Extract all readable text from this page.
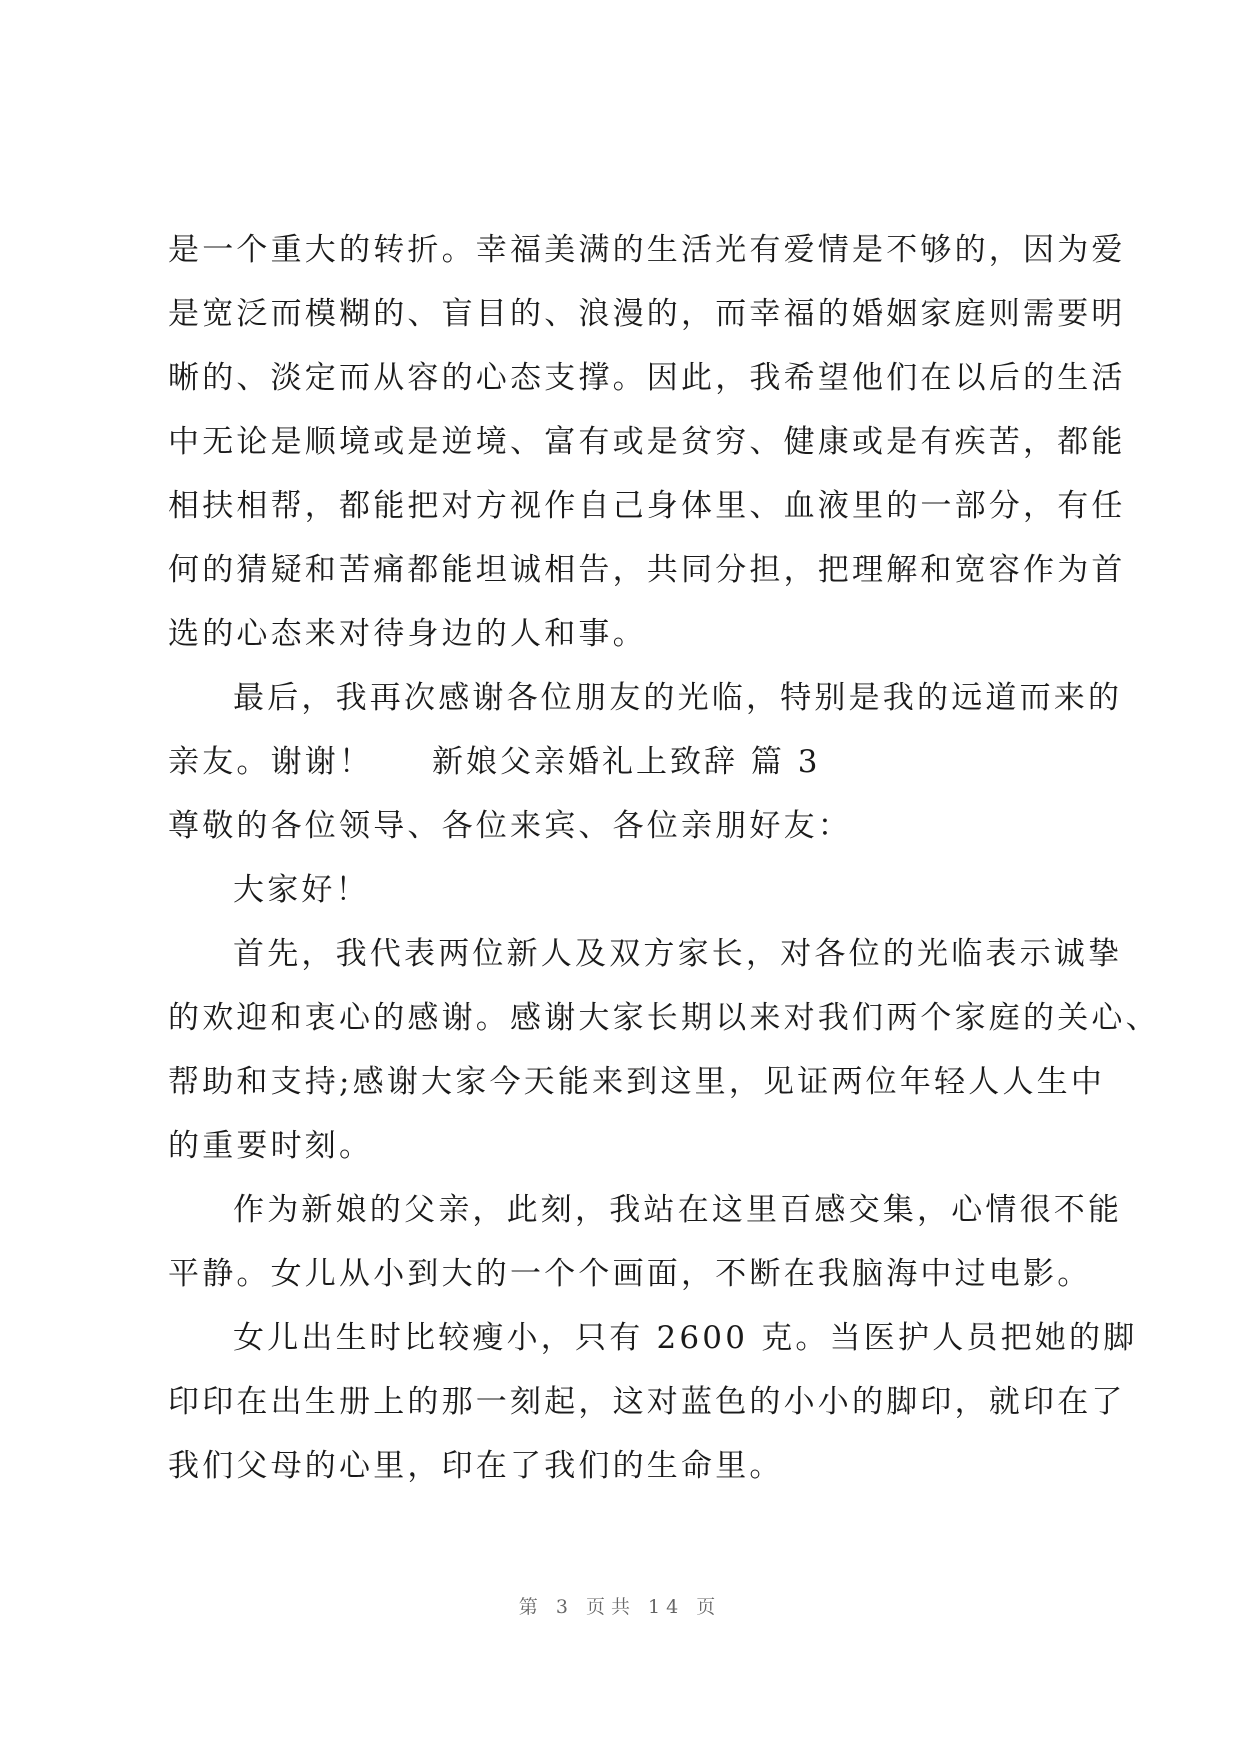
是一个重大的转折。幸福美满的生活光有爱情是不够的，因为爱
是宽泛而模糊的、盲目的、浪漫的，而幸福的婚姻家庭则需要明
晰的、淡定而从容的心态支撑。因此，我希望他们在以后的生活
中无论是顺境或是逆境、富有或是贫穷、健康或是有疾苦，都能
相扶相帮，都能把对方视作自己身体里、血液里的一部分，有任
何的猜疑和苦痛都能坦诚相告，共同分担，把理解和宽容作为首
选的心态来对待身边的人和事。
最后，我再次感谢各位朋友的光临，特别是我的远道而来的
亲友。谢谢！ 新娘父亲婚礼上致辞 篇 3
尊敬的各位领导、各位来宾、各位亲朋好友：
大家好！
首先，我代表两位新人及双方家长，对各位的光临表示诚挚
的欢迎和衷心的感谢。感谢大家长期以来对我们两个家庭的关心、
帮助和支持;感谢大家今天能来到这里，见证两位年轻人人生中
的重要时刻。
作为新娘的父亲，此刻，我站在这里百感交集，心情很不能
平静。女儿从小到大的一个个画面，不断在我脑海中过电影。
女儿出生时比较瘦小，只有 2600 克。当医护人员把她的脚
印印在出生册上的那一刻起，这对蓝色的小小的脚印，就印在了
我们父母的心里，印在了我们的生命里。
第 3 页共 14 页
